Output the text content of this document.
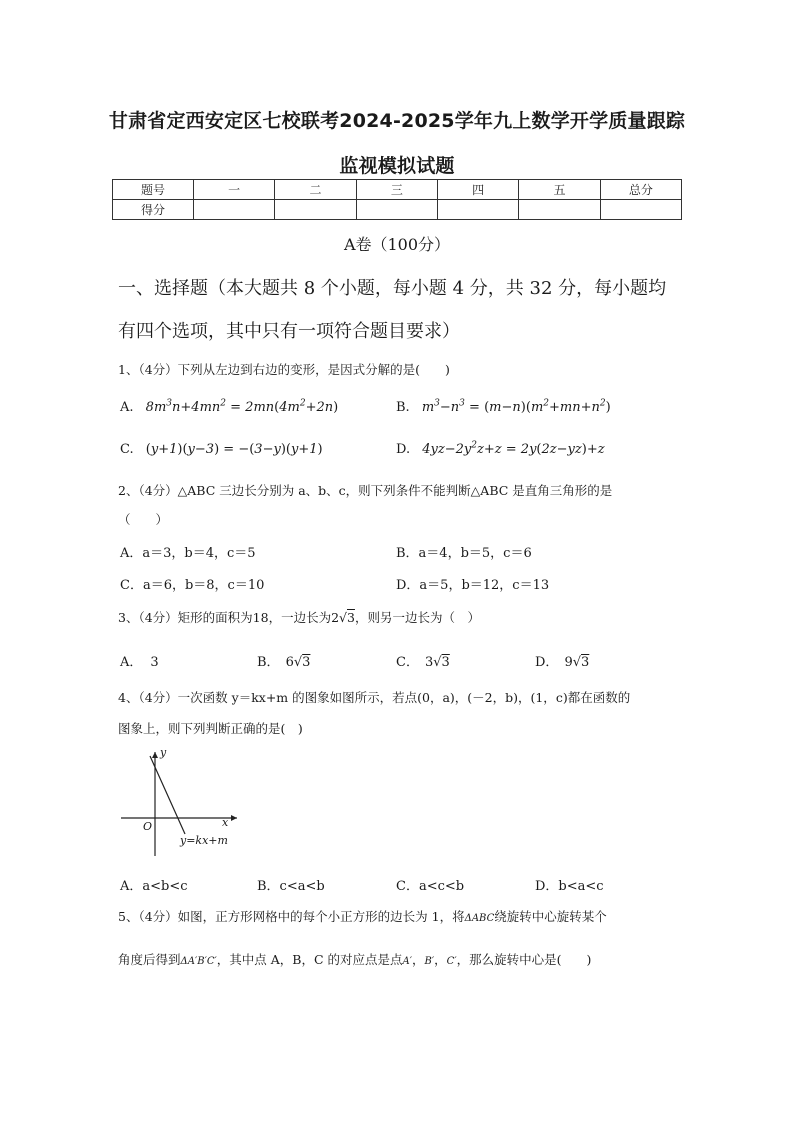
甘肃省定西安定区七校联考2024-2025学年九上数学开学质量跟踪
监视模拟试题
题号	一	二	三	四	五	总分
得分						
A卷（100分）
一、选择题（本大题共 8 个小题，每小题 4 分，共 32 分，每小题均
有四个选项，其中只有一项符合题目要求）
1、（4分）下列从左边到右边的变形，是因式分解的是(　　)
A. $8m^3n+4mn^2 = 2mn(4m^2+2n)$	B. $m^3-n^3 = (m-n)(m^2+mn+n^2)$
C. (y+1)(y−3) = −(3−y)(y+1)	D. $4yz-2y^2z+z = 2y(2z-yz)+z$
2、（4分）△ABC 三边长分别为 a、b、c，则下列条件不能判断△ABC 是直角三角形的是
（　　）
A．a＝3，b＝4，c＝5	B．a＝4，b＝5，c＝6
C．a＝6，b＝8，c＝10	D．a＝5，b＝12，c＝13
3、（4分）矩形的面积为18，一边长为2√3，则另一边长为（　）
A． 3	B． 6√3	C． 3√3	D． 9√3
4、（4分）一次函数 y＝kx+m 的图象如图所示，若点(0，a)，(－2，b)，(1，c)都在函数的
图象上，则下列判断正确的是(　)
y
x
O
y=kx+m
A．a<b<c	B．c<a<b	C．a<c<b	D．b<a<c
5、（4分）如图，正方形网格中的每个小正方形的边长为 1，将ΔABC绕旋转中心旋转某个
角度后得到ΔA′B′C′，其中点 A，B，C 的对应点是点A′，B′，C′，那么旋转中心是(　　)
